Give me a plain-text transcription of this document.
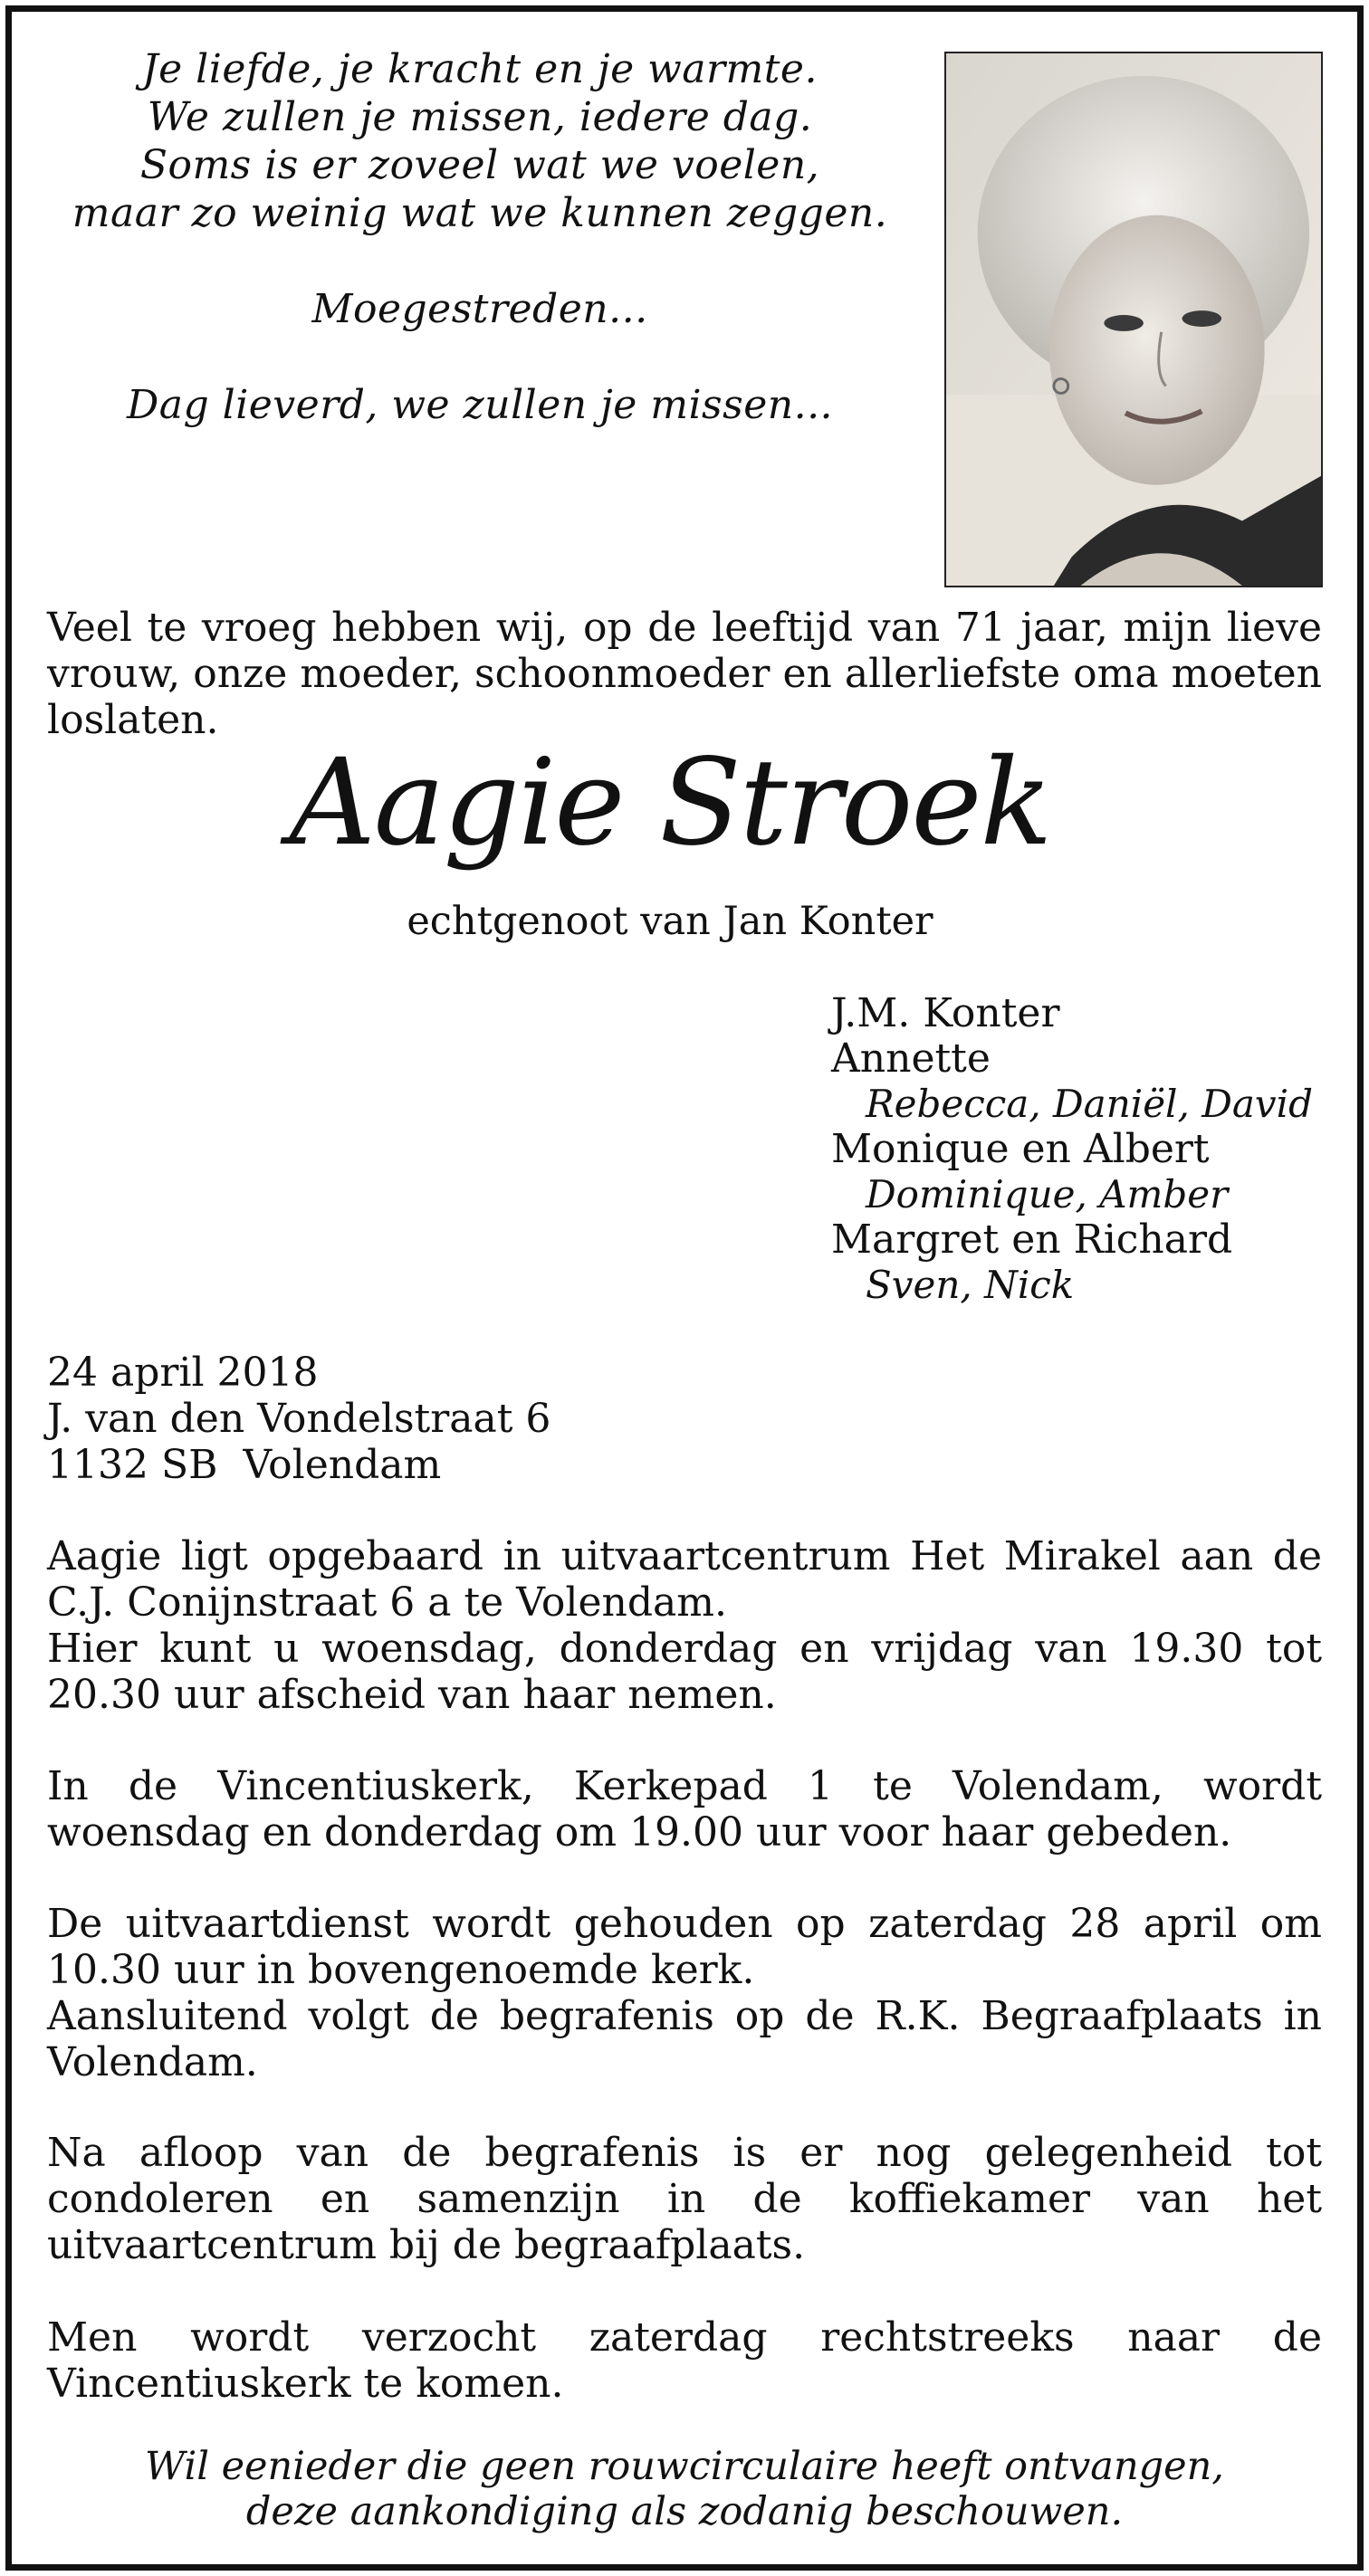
Je liefde, je kracht en je warmte.

We zullen je missen, iedere dag.

Soms is er zoveel wat we voelen,

maar zo weinig wat we kunnen zeggen.

Moegestreden...

Dag lieverd, we zullen je missen...

Veel te vroeg hebben wij, op de leeftijd van 71 jaar, mijn lieve vrouw, onze moeder, schoonmoeder en allerliefste oma moeten loslaten.

Aagie Stroek
echtgenoot van Jan Konter

J.M. Konter

Annette

Rebecca, Daniël, David

Monique en Albert

Dominique, Amber

Margret en Richard

Sven, Nick

24 april 2018

J. van den Vondelstraat 6

1132 SB  Volendam

Aagie ligt opgebaard in uitvaartcentrum Het Mirakel aan de C.J. Conijnstraat 6 a te Volendam.

Hier kunt u woensdag, donderdag en vrijdag van 19.30 tot 20.30 uur afscheid van haar nemen.

In de Vincentiuskerk, Kerkepad 1 te Volendam, wordt woensdag en donderdag om 19.00 uur voor haar gebeden.

De uitvaartdienst wordt gehouden op zaterdag 28 april om 10.30 uur in bovengenoemde kerk.

Aansluitend volgt de begrafenis op de R.K. Begraafplaats in Volendam.

Na afloop van de begrafenis is er nog gelegenheid tot condoleren en samenzijn in de koffiekamer van het uitvaartcentrum bij de begraafplaats.

Men wordt verzocht zaterdag rechtstreeks naar de Vincentiuskerk te komen.

Wil eenieder die geen rouwcirculaire heeft ontvangen,

deze aankondiging als zodanig beschouwen.
